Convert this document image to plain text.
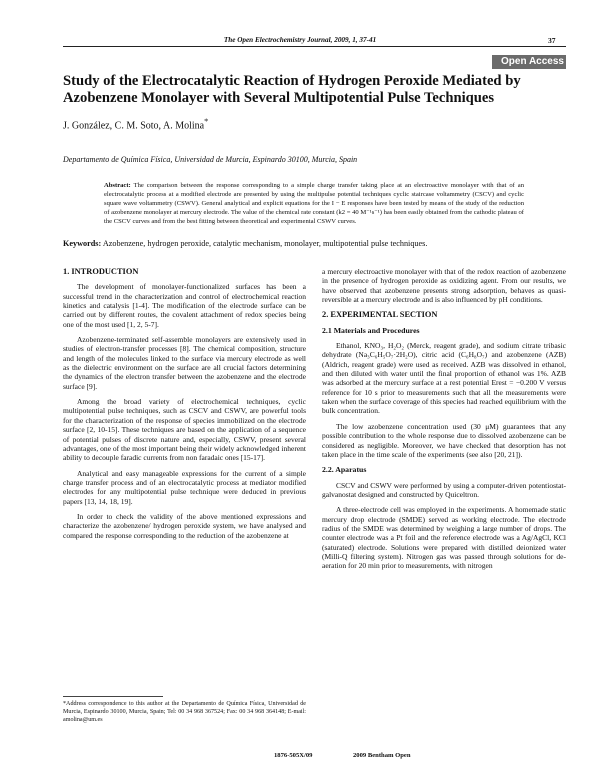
The Open Electrochemistry Journal, 2009, 1, 37-41	37
Open Access
Study of the Electrocatalytic Reaction of Hydrogen Peroxide Mediated by Azobenzene Monolayer with Several Multipotential Pulse Techniques
J. González, C. M. Soto, A. Molina*
Departamento de Química Física, Universidad de Murcia, Espinardo 30100, Murcia, Spain
Abstract: The comparison between the response corresponding to a simple charge transfer taking place at an electroactive monolayer with that of an electrocatalytic process at a modified electrode are presented by using the multipulse potential techniques cyclic staircase voltammetry (CSCV) and cyclic square wave voltammetry (CSWV). General analytical and explicit equations for the I − E responses have been tested by means of the study of the reduction of azobenzene monolayer at mercury electrode. The value of the chemical rate constant (k2 = 40 M⁻¹s⁻¹) has been easily obtained from the cathodic plateau of the CSCV curves and from the best fitting between theoretical and experimental CSWV curves.
Keywords: Azobenzene, hydrogen peroxide, catalytic mechanism, monolayer, multipotential pulse techniques.

1. INTRODUCTION

The development of monolayer-functionalized surfaces has been a successful trend in the characterization and control of electrochemical reaction kinetics and catalysis [1-4]. The modification of the electrode surface can be carried out by different routes, the covalent attachment of redox species being one of the most used [1, 2, 5-7].

Azobenzene-terminated self-assemble monolayers are extensively used in studies of electron-transfer processes [8]. The chemical composition, structure and length of the molecules linked to the surface via mercury electrode as well as the dielectric environment on the surface are all crucial factors determining the dynamics of the electron transfer between the azobenzene and the electrode surface [9].

Among the broad variety of electrochemical techniques, cyclic multipotential pulse techniques, such as CSCV and CSWV, are powerful tools for the characterization of the response of species immobilized on the electrode surface [2, 10-15]. These techniques are based on the application of a sequence of potential pulses of discrete nature and, especially, CSWV, present several advantages, one of the most important being their widely acknowledged inherent ability to decouple faradic currents from non faradaic ones [15-17].

Analytical and easy manageable expressions for the current of a simple charge transfer process and of an electrocatalytic process at mediator modified electrodes for any multipotential pulse technique were deduced in previous papers [13, 14, 18, 19].

In order to check the validity of the above mentioned expressions and characterize the azobenzene/ hydrogen peroxide system, we have analysed and compared the response corresponding to the reduction of the azobenzene at

a mercury electroactive monolayer with that of the redox reaction of azobenzene in the presence of hydrogen peroxide as oxidizing agent. From our results, we have observed that azobenzene presents strong adsorption, behaves as quasi-reversible at a mercury electrode and is also influenced by pH conditions.

2. EXPERIMENTAL SECTION

2.1 Materials and Procedures

Ethanol, KNO₃, H₂O₂ (Merck, reagent grade), and sodium citrate tribasic dehydrate (Na₃C₆H₅O₇·2H₂O), citric acid (C₆H₈O₇) and azobenzene (AZB) (Aldrich, reagent grade) were used as received. AZB was dissolved in ethanol, and then diluted with water until the final proportion of ethanol was 1%. AZB was adsorbed at the mercury surface at a rest potential Erest = −0.200 V versus reference for 10 s prior to measurements such that all the measurements were taken when the surface coverage of this species had reached equilibrium with the bulk concentration.

The low azobenzene concentration used (30 μM) guarantees that any possible contribution to the whole response due to dissolved azobenzene can be considered as negligible. Moreover, we have checked that desorption has not taken place in the time scale of the experiments (see also [20, 21]).

2.2. Aparatus

CSCV and CSWV were performed by using a computer-driven potentiostat-galvanostat designed and constructed by Quiceltron.

A three-electrode cell was employed in the experiments. A homemade static mercury drop electrode (SMDE) served as working electrode. The electrode radius of the SMDE was determined by weighing a large number of drops. The counter electrode was a Pt foil and the reference electrode was a Ag/AgCl, KCl (saturated) electrode. Solutions were prepared with distilled deionized water (Milli-Q filtering system). Nitrogen gas was passed through solutions for de-aeration for 20 min prior to measurements, with nitrogen

*Address correspondence to this author at the Departamento de Química Física, Universidad de Murcia, Espinardo 30100, Murcia, Spain; Tel: 00 34 968 367524; Fax: 00 34 968 364148; E-mail: amolina@um.es
1876-505X/09	2009 Bentham Open
